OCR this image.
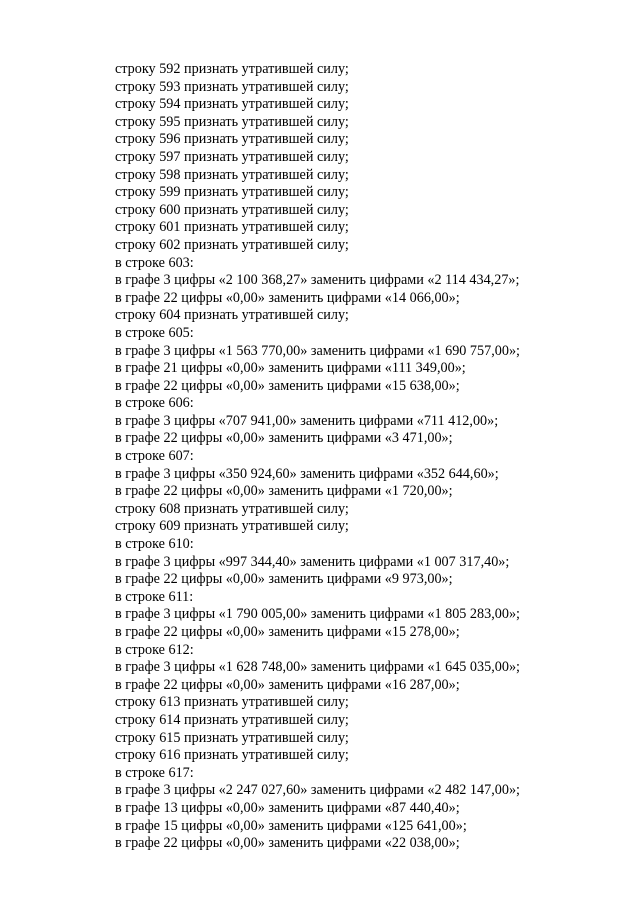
строку 592 признать утратившей силу;
строку 593 признать утратившей силу;
строку 594 признать утратившей силу;
строку 595 признать утратившей силу;
строку 596 признать утратившей силу;
строку 597 признать утратившей силу;
строку 598 признать утратившей силу;
строку 599 признать утратившей силу;
строку 600 признать утратившей силу;
строку 601 признать утратившей силу;
строку 602 признать утратившей силу;
в строке 603:
в графе 3 цифры «2 100 368,27» заменить цифрами «2 114 434,27»;
в графе 22 цифры «0,00» заменить цифрами «14 066,00»;
строку 604 признать утратившей силу;
в строке 605:
в графе 3 цифры «1 563 770,00» заменить цифрами «1 690 757,00»;
в графе 21 цифры «0,00» заменить цифрами «111 349,00»;
в графе 22 цифры «0,00» заменить цифрами «15 638,00»;
в строке 606:
в графе 3 цифры «707 941,00» заменить цифрами «711 412,00»;
в графе 22 цифры «0,00» заменить цифрами «3 471,00»;
в строке 607:
в графе 3 цифры «350 924,60» заменить цифрами «352 644,60»;
в графе 22 цифры «0,00» заменить цифрами «1 720,00»;
строку 608 признать утратившей силу;
строку 609 признать утратившей силу;
в строке 610:
в графе 3 цифры «997 344,40» заменить цифрами «1 007 317,40»;
в графе 22 цифры «0,00» заменить цифрами «9 973,00»;
в строке 611:
в графе 3 цифры «1 790 005,00» заменить цифрами «1 805 283,00»;
в графе 22 цифры «0,00» заменить цифрами «15 278,00»;
в строке 612:
в графе 3 цифры «1 628 748,00» заменить цифрами «1 645 035,00»;
в графе 22 цифры «0,00» заменить цифрами «16 287,00»;
строку 613 признать утратившей силу;
строку 614 признать утратившей силу;
строку 615 признать утратившей силу;
строку 616 признать утратившей силу;
в строке 617:
в графе 3 цифры «2 247 027,60» заменить цифрами «2 482 147,00»;
в графе 13 цифры «0,00» заменить цифрами «87 440,40»;
в графе 15 цифры «0,00» заменить цифрами «125 641,00»;
в графе 22 цифры «0,00» заменить цифрами «22 038,00»;
